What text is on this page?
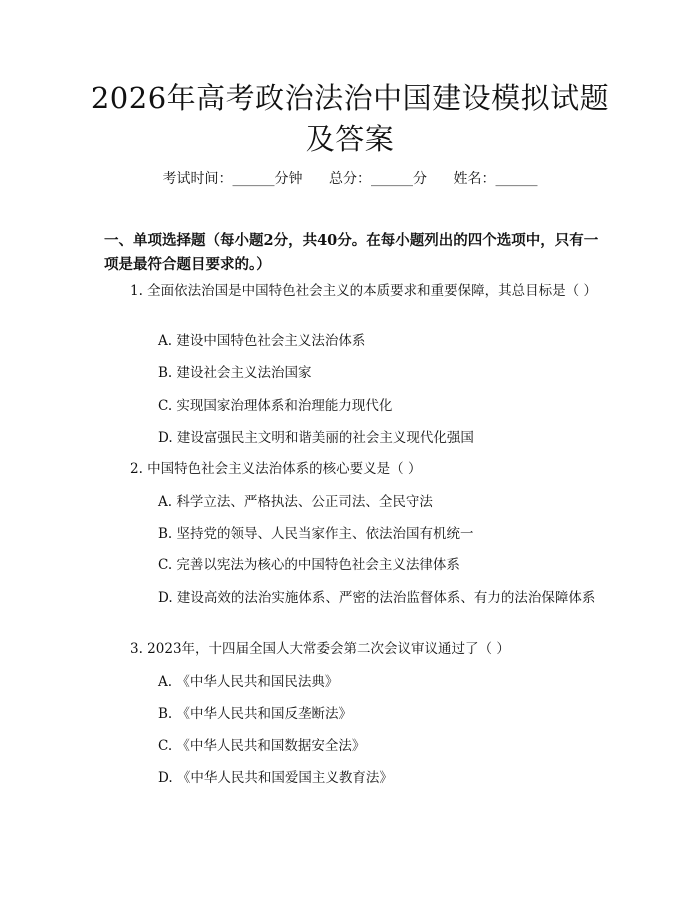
2026年高考政治法治中国建设模拟试题及答案
考试时间：______分钟 总分：______分 姓名：______
一、单项选择题（每小题2分，共40分。在每小题列出的四个选项中，只有一项是最符合题目要求的。）
1. 全面依法治国是中国特色社会主义的本质要求和重要保障，其总目标是（ ）
A. 建设中国特色社会主义法治体系
B. 建设社会主义法治国家
C. 实现国家治理体系和治理能力现代化
D. 建设富强民主文明和谐美丽的社会主义现代化强国
2. 中国特色社会主义法治体系的核心要义是（ ）
A. 科学立法、严格执法、公正司法、全民守法
B. 坚持党的领导、人民当家作主、依法治国有机统一
C. 完善以宪法为核心的中国特色社会主义法律体系
D. 建设高效的法治实施体系、严密的法治监督体系、有力的法治保障体系
3. 2023年，十四届全国人大常委会第二次会议审议通过了（ ）
A. 《中华人民共和国民法典》
B. 《中华人民共和国反垄断法》
C. 《中华人民共和国数据安全法》
D. 《中华人民共和国爱国主义教育法》
